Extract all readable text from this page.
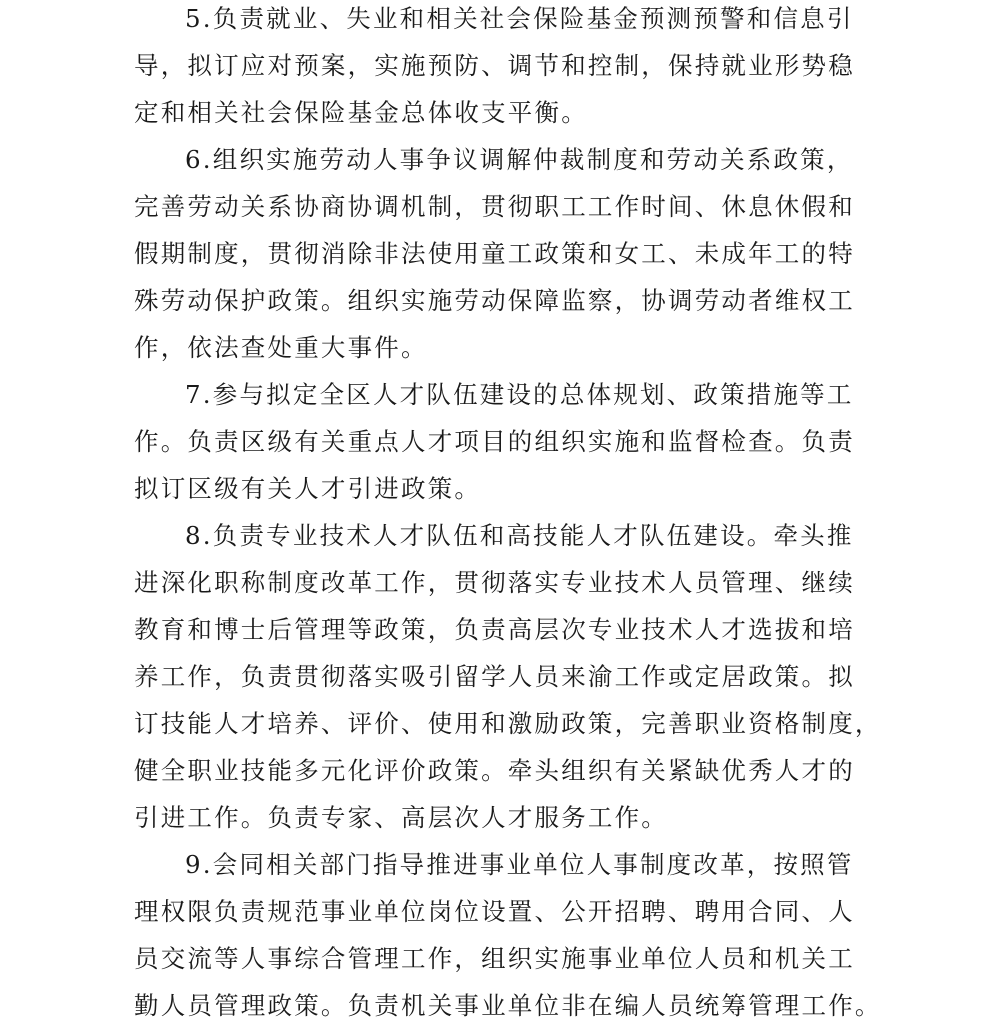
5.负责就业、失业和相关社会保险基金预测预警和信息引

导，拟订应对预案，实施预防、调节和控制，保持就业形势稳

定和相关社会保险基金总体收支平衡。

6.组织实施劳动人事争议调解仲裁制度和劳动关系政策，

完善劳动关系协商协调机制，贯彻职工工作时间、休息休假和

假期制度，贯彻消除非法使用童工政策和女工、未成年工的特

殊劳动保护政策。组织实施劳动保障监察，协调劳动者维权工

作，依法查处重大事件。

7.参与拟定全区人才队伍建设的总体规划、政策措施等工

作。负责区级有关重点人才项目的组织实施和监督检查。负责

拟订区级有关人才引进政策。

8.负责专业技术人才队伍和高技能人才队伍建设。牵头推

进深化职称制度改革工作，贯彻落实专业技术人员管理、继续

教育和博士后管理等政策，负责高层次专业技术人才选拔和培

养工作，负责贯彻落实吸引留学人员来渝工作或定居政策。拟

订技能人才培养、评价、使用和激励政策，完善职业资格制度，

健全职业技能多元化评价政策。牵头组织有关紧缺优秀人才的

引进工作。负责专家、高层次人才服务工作。

9.会同相关部门指导推进事业单位人事制度改革，按照管

理权限负责规范事业单位岗位设置、公开招聘、聘用合同、人

员交流等人事综合管理工作，组织实施事业单位人员和机关工

勤人员管理政策。负责机关事业单位非在编人员统筹管理工作。
